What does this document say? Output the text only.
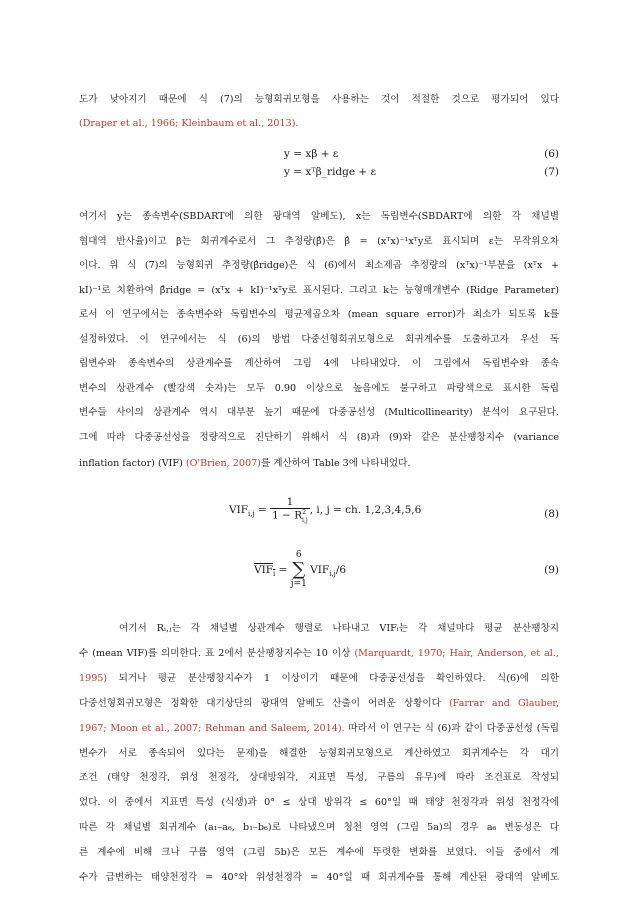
도가 낮아지기 때문에 식 (7)의 능형회귀모형을 사용하는 것이 적절한 것으로 평가되어 있다
(Draper et al., 1966; Kleinbaum et al., 2013).
y = xβ + ε	(6)
y = xᵀβ_ridge + ε	(7)
여기서 y는 종속변수(SBDART에 의한 광대역 알베도), x는 독립변수(SBDART에 의한 각 채널별
협대역 반사율)이고 β는 회귀계수로서 그 추정량(β̂)은 β̂ = (xᵀx)⁻¹xᵀy로 표시되며 ε는 무작위오차
이다. 위 식 (7)의 능형회귀 추정량(β̂ridge)은 식 (6)에서 최소제곱 추정량의 (xᵀx)⁻¹부분을 (xᵀx +
kI)⁻¹로 치환하여 β̂ridge = (xᵀx + kI)⁻¹xᵀy로 표시된다. 그리고 k는 능형매개변수 (Ridge Parameter)
로서 이 연구에서는 종속변수와 독립변수의 평균제곱오차 (mean square error)가 최소가 되도록 k를
설정하였다. 이 연구에서는 식 (6)의 방법 다중선형회귀모형으로 회귀계수를 도출하고자 우선 독
립변수와 종속변수의 상관계수를 계산하여 그림 4에 나타내었다. 이 그림에서 독립변수와 종속
변수의 상관계수 (빨강색 숫자)는 모두 0.90 이상으로 높음에도 불구하고 파랑색으로 표시한 독립
변수들 사이의 상관계수 역시 대부분 높기 때문에 다중공선성 (Multicollinearity) 분석이 요구된다.
그에 따라 다중공선성을 정량적으로 진단하기 위해서 식 (8)과 (9)와 같은 분산팽창지수 (variance
inflation factor) (VIF) (O'Brien, 2007)를 계산하여 Table 3에 나타내었다.
$VIF_{i,j} = \frac{1}{1 - R^2_{i,j}}$ , i, j = ch. 1,2,3,4,5,6	(8)
$VIF_i = 6$
∑
j=1 $VIF_{i,j}/6$	(9)
여기서 Rᵢ,ⱼ는 각 채널별 상관계수 행렬로 나타내고 VIFᵢ는 각 채널마다 평균 분산팽창지
수 (mean VIF)를 의미한다. 표 2에서 분산팽창지수는 10 이상 (Marquardt, 1970; Hair, Anderson, et al.,
1995) 되거나 평균 분산팽창지수가 1 이상이기 때문에 다중공선성을 확인하였다. 식(6)에 의한
다중선형회귀모형은 정확한 대기상단의 광대역 알베도 산출이 어려운 상황이다 (Farrar and Glauber,
1967; Moon et al., 2007; Rehman and Saleem, 2014). 따라서 이 연구는 식 (6)과 같이 다중공선성 (독립
변수가 서로 종속되어 있다는 문제)을 해결한 능형회귀모형으로 계산하였고 회귀계수는 각 대기
조건 (태양 천정각, 위성 천정각, 상대방위각, 지표면 특성, 구름의 유무)에 따라 조건표로 작성되
었다. 이 중에서 지표면 특성 (식생)과 0° ≤ 상대 방위각 ≤ 60°일 때 태양 천정각과 위성 천정각에
따른 각 채널별 회귀계수 (a₁–a₆, b₁–b₆)로 나타냈으며 청천 영역 (그림 5a)의 경우 a₆ 변동성은 다
른 계수에 비해 크나 구름 영역 (그림 5b)은 모든 계수에 뚜렷한 변화를 보였다. 이들 중에서 계
수가 급변하는 태양천정각 = 40°와 위성천정각 = 40°일 때 회귀계수를 통해 계산된 광대역 알베도
